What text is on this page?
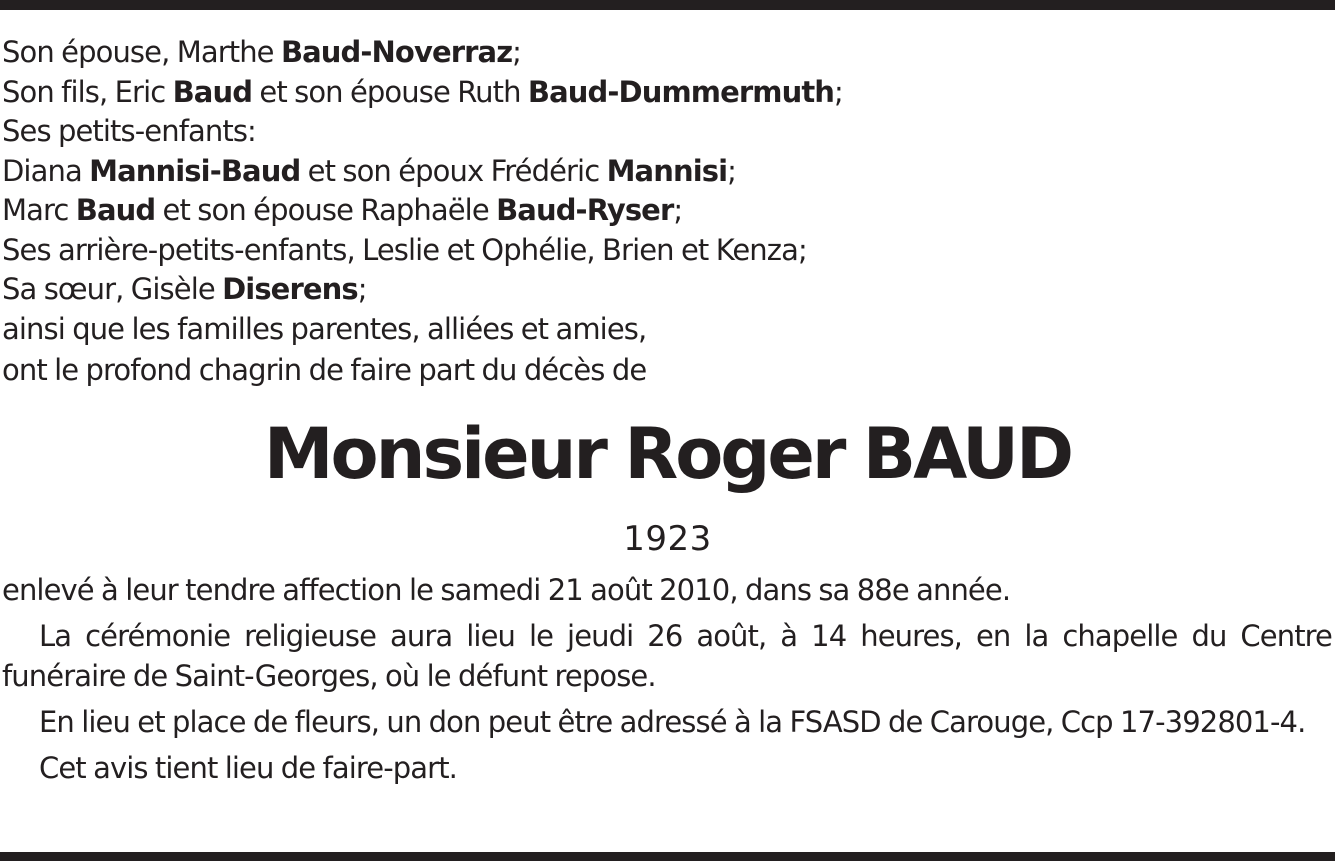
Son épouse, Marthe Baud-Noverraz;
Son fils, Eric Baud et son épouse Ruth Baud-Dummermuth;
Ses petits-enfants:
Diana Mannisi-Baud et son époux Frédéric Mannisi;
Marc Baud et son épouse Raphaële Baud-Ryser;
Ses arrière-petits-enfants, Leslie et Ophélie, Brien et Kenza;
Sa sœur, Gisèle Diserens;
ainsi que les familles parentes, alliées et amies,
ont le profond chagrin de faire part du décès de
Monsieur Roger BAUD
1923

enlevé à leur tendre affection le samedi 21 août 2010, dans sa 88e année.

La cérémonie religieuse aura lieu le jeudi 26 août, à 14 heures, en la chapelle du Centre funéraire de Saint-Georges, où le défunt repose.

En lieu et place de fleurs, un don peut être adressé à la FSASD de Carouge, Ccp 17-392801-4.

Cet avis tient lieu de faire-part.
